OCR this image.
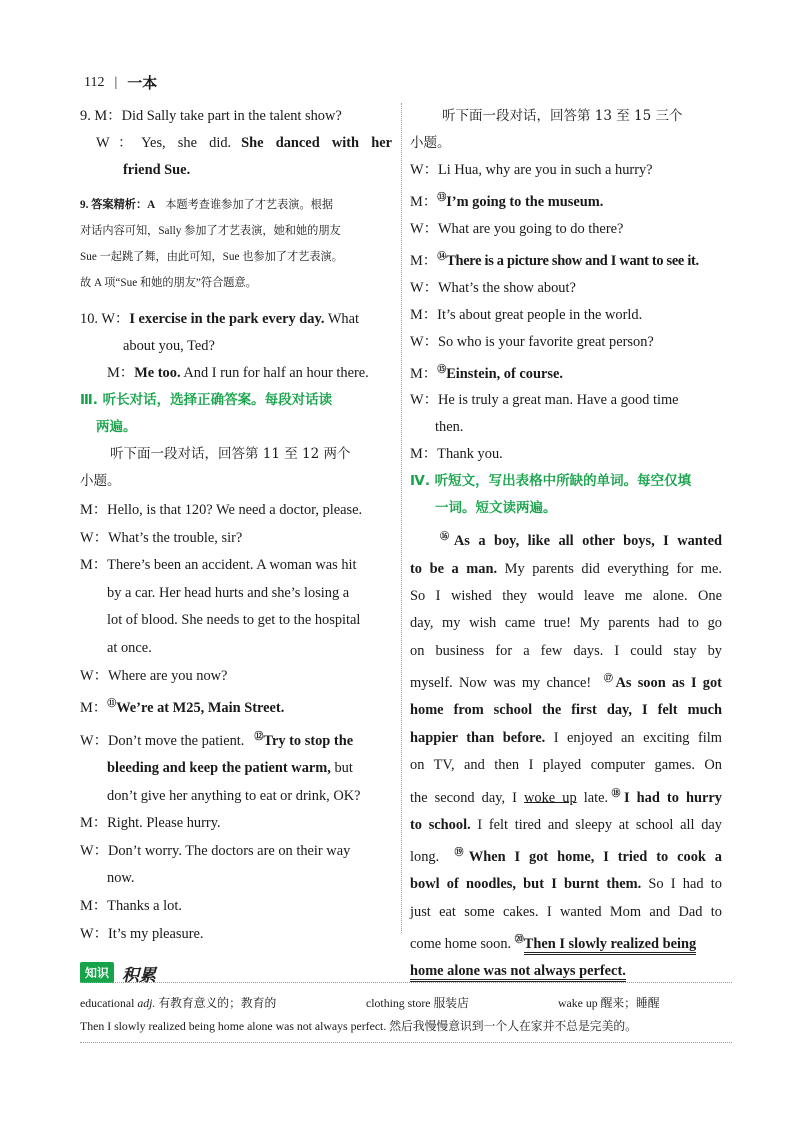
112 | 一本
9. M：Did Sally take part in the talent show?
W：Yes, she did. She danced with her
friend Sue.
9. 答案精析：A 本题考查谁参加了才艺表演。根据
对话内容可知，Sally 参加了才艺表演，她和她的朋友
Sue 一起跳了舞，由此可知，Sue 也参加了才艺表演。
故 A 项“Sue 和她的朋友”符合题意。
10. W：I exercise in the park every day. What
about you, Ted?
M：Me too. And I run for half an hour there.
Ⅲ. 听长对话，选择正确答案。每段对话读
两遍。
听下面一段对话，回答第 11 至 12 两个
小题。
M：Hello, is that 120? We need a doctor, please.
W：What’s the trouble, sir?
M：There’s been an accident. A woman was hit
by a car. Her head hurts and she’s losing a
lot of blood. She needs to get to the hospital
at once.
W：Where are you now?
M：⑪We’re at M25, Main Street.
W：Don’t move the patient. ⑫Try to stop the
bleeding and keep the patient warm, but
don’t give her anything to eat or drink, OK?
M：Right. Please hurry.
W：Don’t worry. The doctors are on their way
now.
M：Thanks a lot.
W：It’s my pleasure.
听下面一段对话，回答第 13 至 15 三个
小题。
W：Li Hua, why are you in such a hurry?
M：⑬I’m going to the museum.
W：What are you going to do there?
M：⑭There is a picture show and I want to see it.
W：What’s the show about?
M：It’s about great people in the world.
W：So who is your favorite great person?
M：⑮Einstein, of course.
W：He is truly a great man. Have a good time
then.
M：Thank you.
Ⅳ. 听短文，写出表格中所缺的单词。每空仅填
一词。短文读两遍。
⑯As a boy, like all other boys, I wanted
to be a man. My parents did everything for me.
So I wished they would leave me alone. One
day, my wish came true! My parents had to go
on business for a few days. I could stay by
myself. Now was my chance! ⑰As soon as I got
home from school the first day, I felt much
happier than before. I enjoyed an exciting film
on TV, and then I played computer games. On
the second day, I woke up late.⑱I had to hurry
to school. I felt tired and sleepy at school all day
long. ⑲When I got home, I tried to cook a
bowl of noodles, but I burnt them. So I had to
just eat some cakes. I wanted Mom and Dad to
come home soon. ⑳Then I slowly realized being
home alone was not always perfect.
知识 积累
educational adj. 有教育意义的；教育的	clothing store 服装店	wake up 醒来；睡醒
Then I slowly realized being home alone was not always perfect. 然后我慢慢意识到一个人在家并不总是完美的。
